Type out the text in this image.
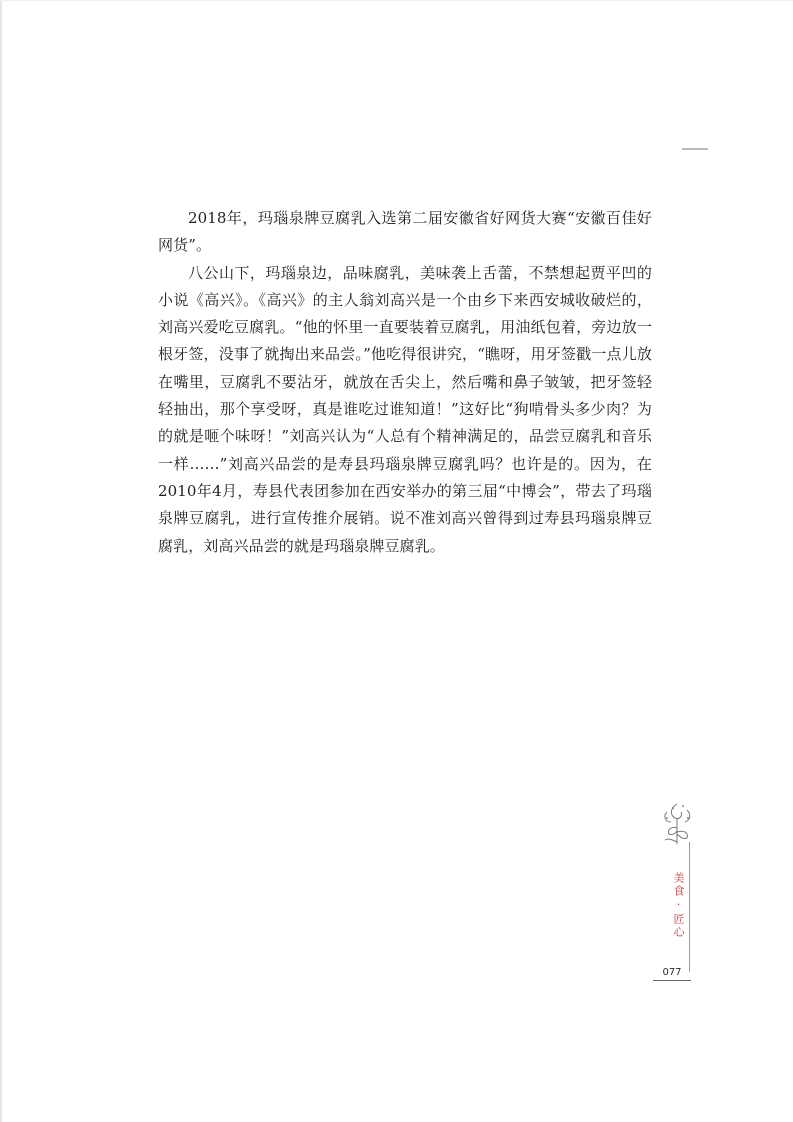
2018年，玛瑙泉牌豆腐乳入选第二届安徽省好网货大赛“安徽百佳好网货”。

八公山下，玛瑙泉边，品味腐乳，美味袭上舌蕾，不禁想起贾平凹的小说《高兴》。《高兴》的主人翁刘高兴是一个由乡下来西安城收破烂的，刘高兴爱吃豆腐乳。“他的怀里一直要装着豆腐乳，用油纸包着，旁边放一根牙签，没事了就掏出来品尝。”他吃得很讲究，“瞧呀，用牙签戳一点儿放在嘴里，豆腐乳不要沾牙，就放在舌尖上，然后嘴和鼻子皱皱，把牙签轻轻抽出，那个享受呀，真是谁吃过谁知道！”这好比“狗啃骨头多少肉？为的就是咂个味呀！”刘高兴认为“人总有个精神满足的，品尝豆腐乳和音乐一样……”刘高兴品尝的是寿县玛瑙泉牌豆腐乳吗？也许是的。因为，在2010年4月，寿县代表团参加在西安举办的第三届“中博会”，带去了玛瑙泉牌豆腐乳，进行宣传推介展销。说不准刘高兴曾得到过寿县玛瑙泉牌豆腐乳，刘高兴品尝的就是玛瑙泉牌豆腐乳。

美食·匠心
077
